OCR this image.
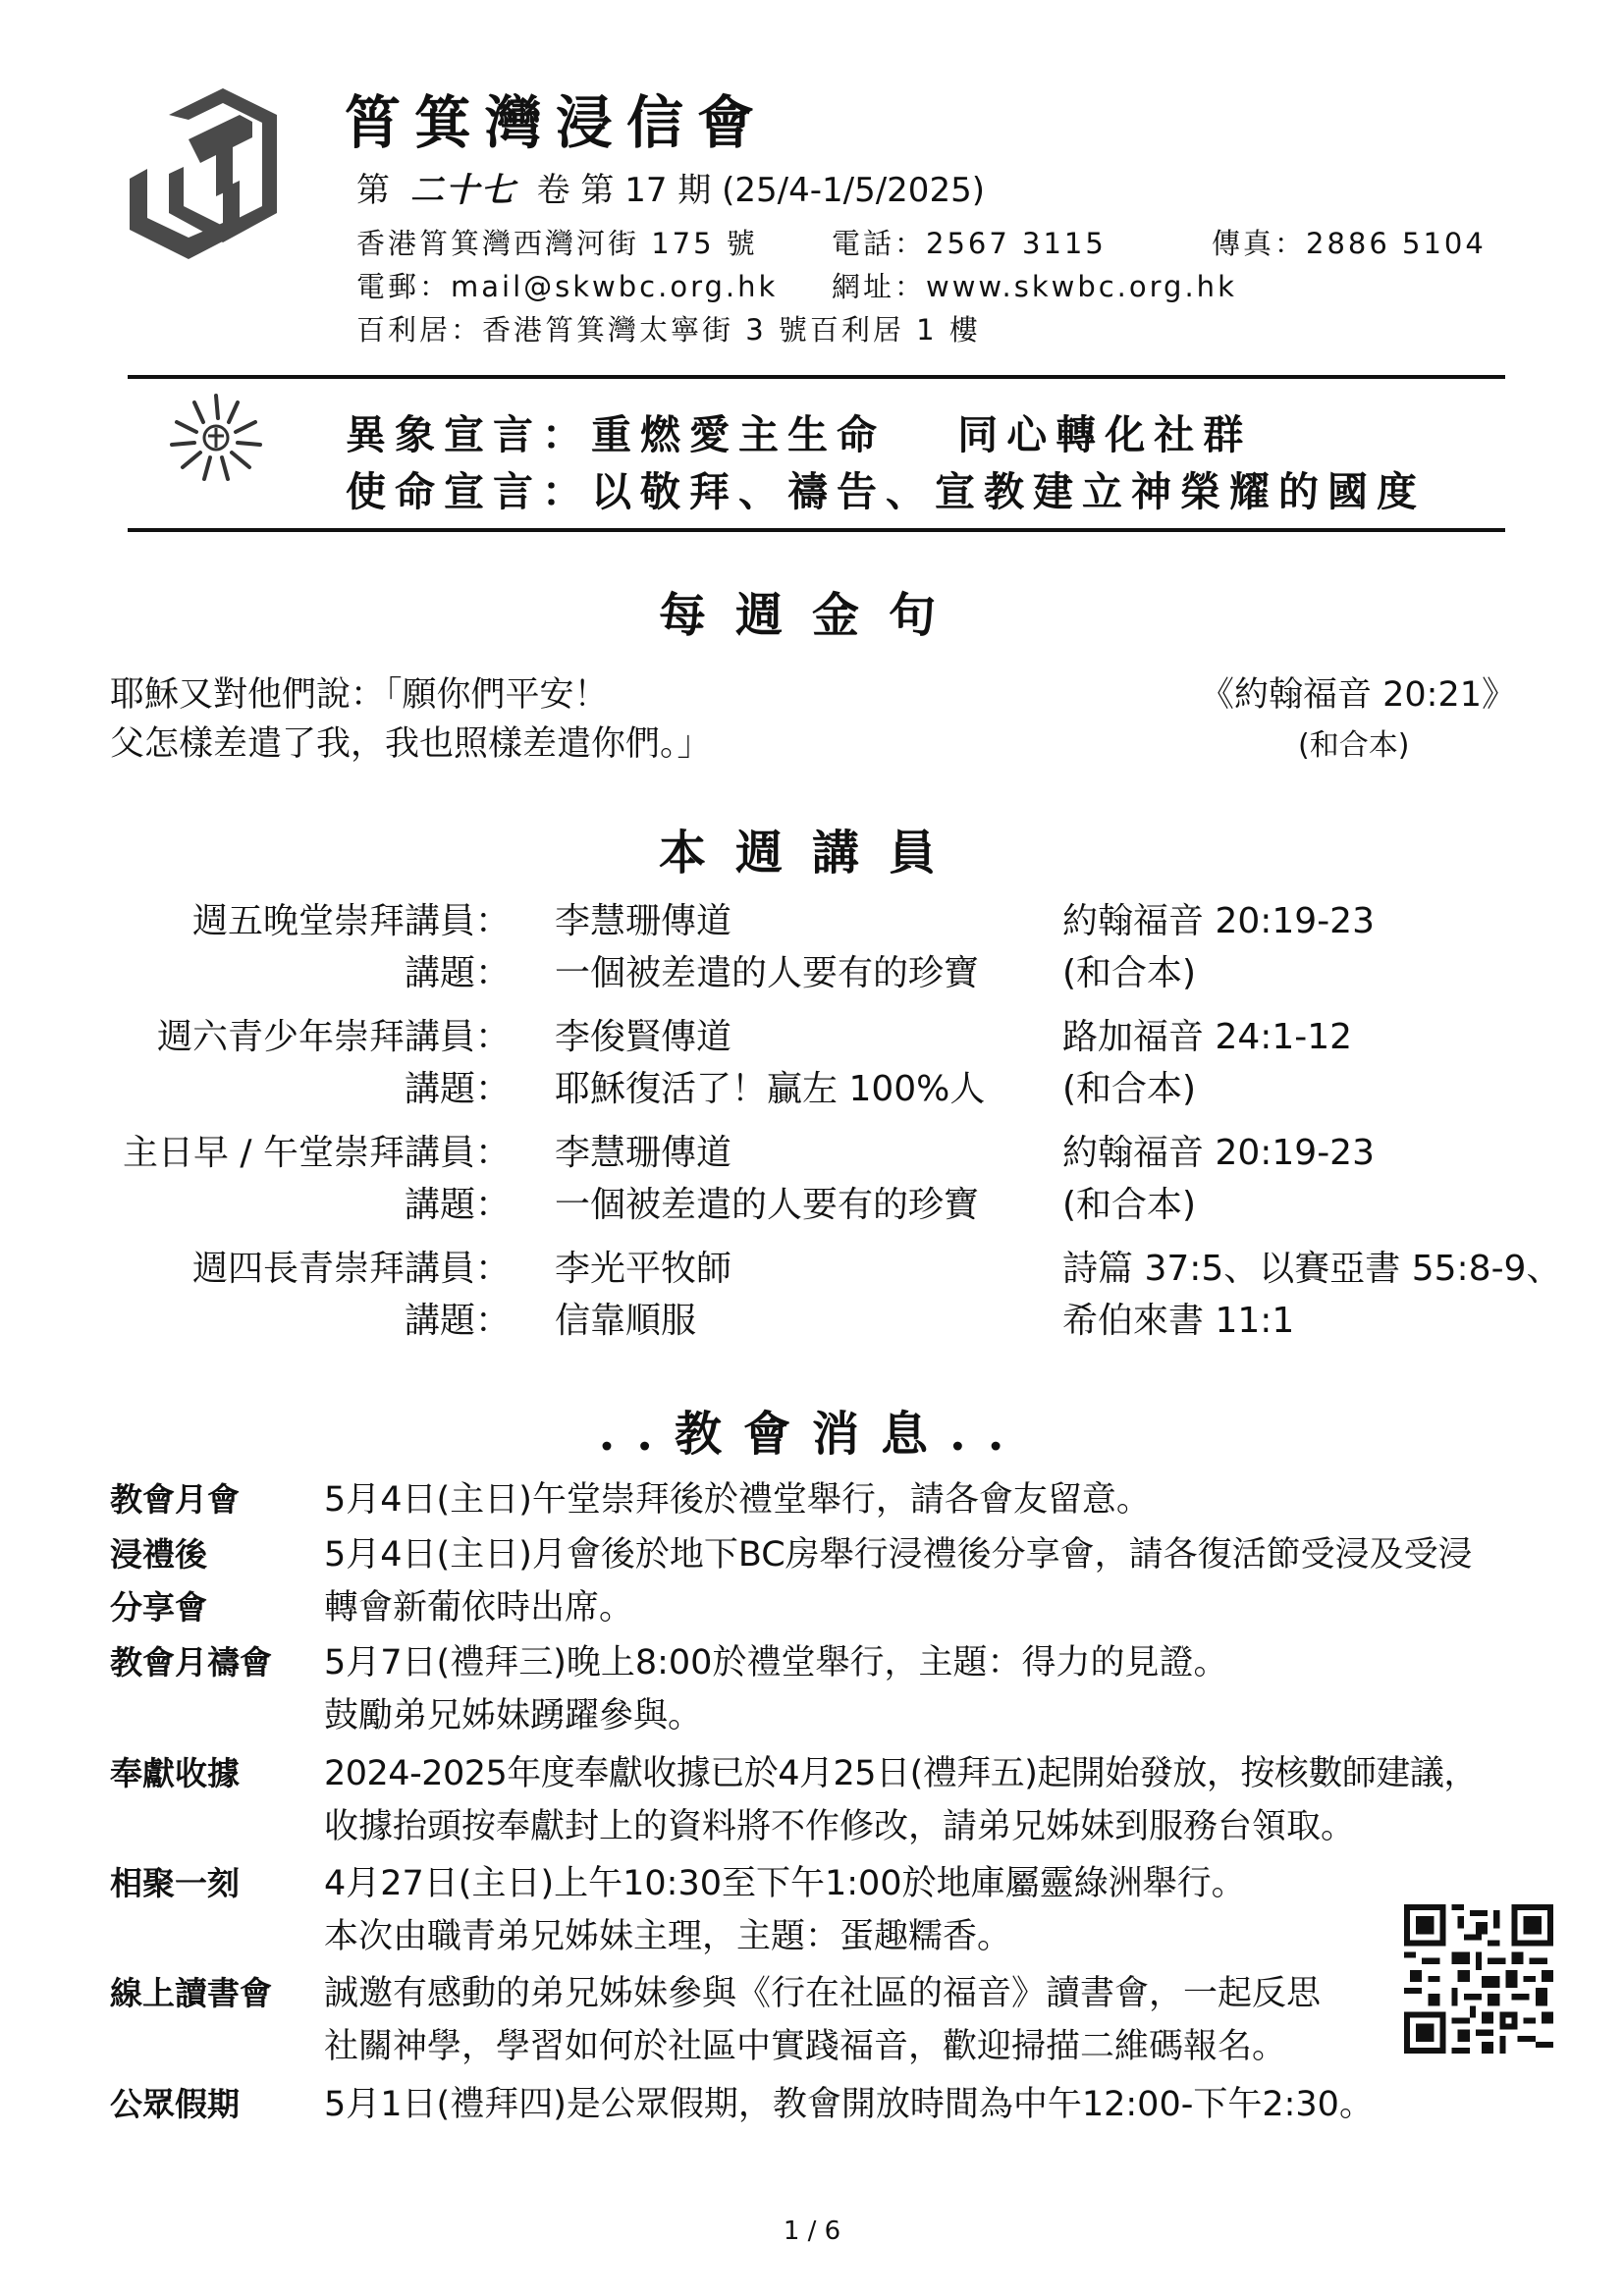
筲箕灣浸信會
第 二十七 卷 第 17 期 (25/4-1/5/2025)
香港筲箕灣西灣河街 175 號	電話：2567 3115	傳真：2886 5104
電郵：mail@skwbc.org.hk 網址：www.skwbc.org.hk
百利居：香港筲箕灣太寧街 3 號百利居 1 樓
異象宣言：重燃愛主生命　 同心轉化社群
使命宣言：以敬拜、禱告、宣教建立神榮耀的國度
每週金句
耶穌又對他們說：「願你們平安！
父怎樣差遣了我，我也照樣差遣你們。」
《約翰福音 20:21》
(和合本)
本週講員
週五晚堂崇拜講員： 李慧珊傳道	約翰福音 20:19-23
講題： 一個被差遣的人要有的珍寶 (和合本)
週六青少年崇拜講員： 李俊賢傳道	路加福音 24:1-12
講題： 耶穌復活了！贏左 100%人 (和合本)
主日早 / 午堂崇拜講員： 李慧珊傳道	約翰福音 20:19-23
講題： 一個被差遣的人要有的珍寶 (和合本)
週四長青崇拜講員： 李光平牧師	詩篇 37:5、以賽亞書 55:8-9、
講題： 信靠順服	希伯來書 11:1
..教會消息..
教會月會 5月4日(主日)午堂崇拜後於禮堂舉行，請各會友留意。
浸禮後
分享會
5月4日(主日)月會後於地下BC房舉行浸禮後分享會，請各復活節受浸及受浸
轉會新葡依時出席。
教會月禱會 5月7日(禮拜三)晚上8:00於禮堂舉行，主題：得力的見證。
鼓勵弟兄姊妹踴躍參與。
奉獻收據 2024-2025年度奉獻收據已於4月25日(禮拜五)起開始發放，按核數師建議，
收據抬頭按奉獻封上的資料將不作修改，請弟兄姊妹到服務台領取。
相聚一刻 4月27日(主日)上午10:30至下午1:00於地庫屬靈綠洲舉行。
本次由職青弟兄姊妹主理，主題：蛋趣糯香。
線上讀書會 誠邀有感動的弟兄姊妹參與《行在社區的福音》讀書會，一起反思
社關神學，學習如何於社區中實踐福音，歡迎掃描二維碼報名。
公眾假期 5月1日(禮拜四)是公眾假期，教會開放時間為中午12:00-下午2:30。
1 / 6
